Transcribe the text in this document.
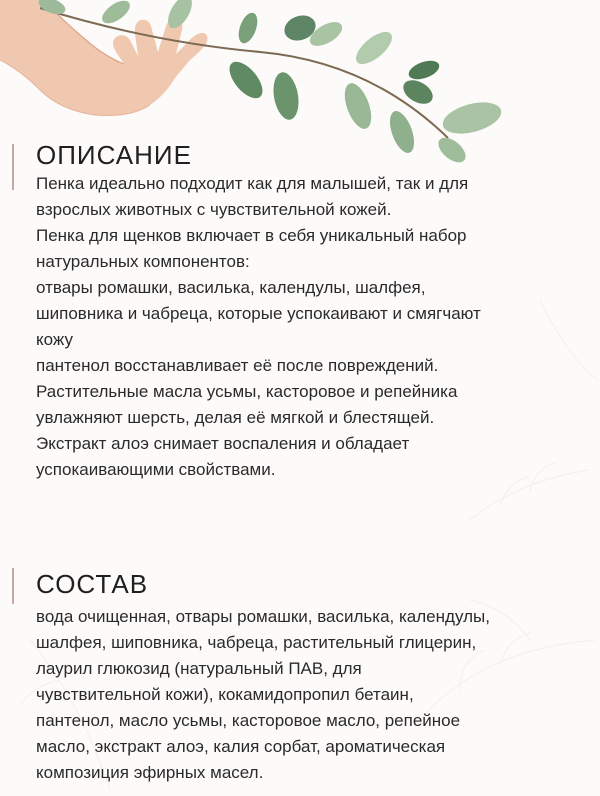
ОПИСАНИЕ

Пенка идеально подходит как для малышей, так и для
взрослых животных с чувствительной кожей.
Пенка для щенков включает в себя уникальный набор
натуральных компонентов:
отвары ромашки, василька, календулы, шалфея,
шиповника и чабреца, которые успокаивают и смягчают
кожу
пантенол восстанавливает её после повреждений.
Растительные масла усьмы, касторовое и репейника
увлажняют шерсть, делая её мягкой и блестящей.
Экстракт алоэ снимает воспаления и обладает
успокаивающими свойствами.

СОСТАВ

вода очищенная, отвары ромашки, василька, календулы,
шалфея, шиповника, чабреца, растительный глицерин,
лаурил глюкозид (натуральный ПАВ, для
чувствительной кожи), кокамидопропил бетаин,
пантенол, масло усьмы, касторовое масло, репейное
масло, экстракт алоэ, калия сорбат, ароматическая
композиция эфирных масел.
